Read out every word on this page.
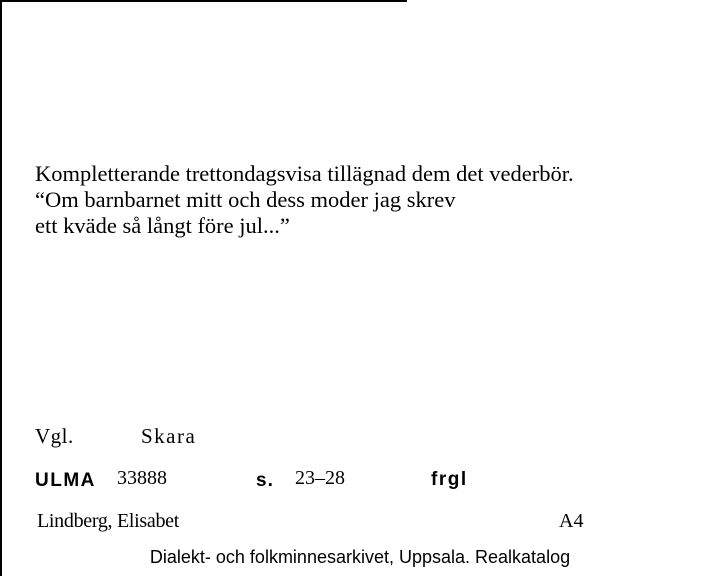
Kompletterande trettondagsvisa tillägnad dem det vederbör.
“Om barnbarnet mitt och dess moder jag skrev
ett kväde så långt före jul...”
Vgl.	Skara
ULMA 33888	s. 23–28	frgl
Lindberg, Elisabet	A4
Dialekt- och folkminnesarkivet, Uppsala. Realkatalog
